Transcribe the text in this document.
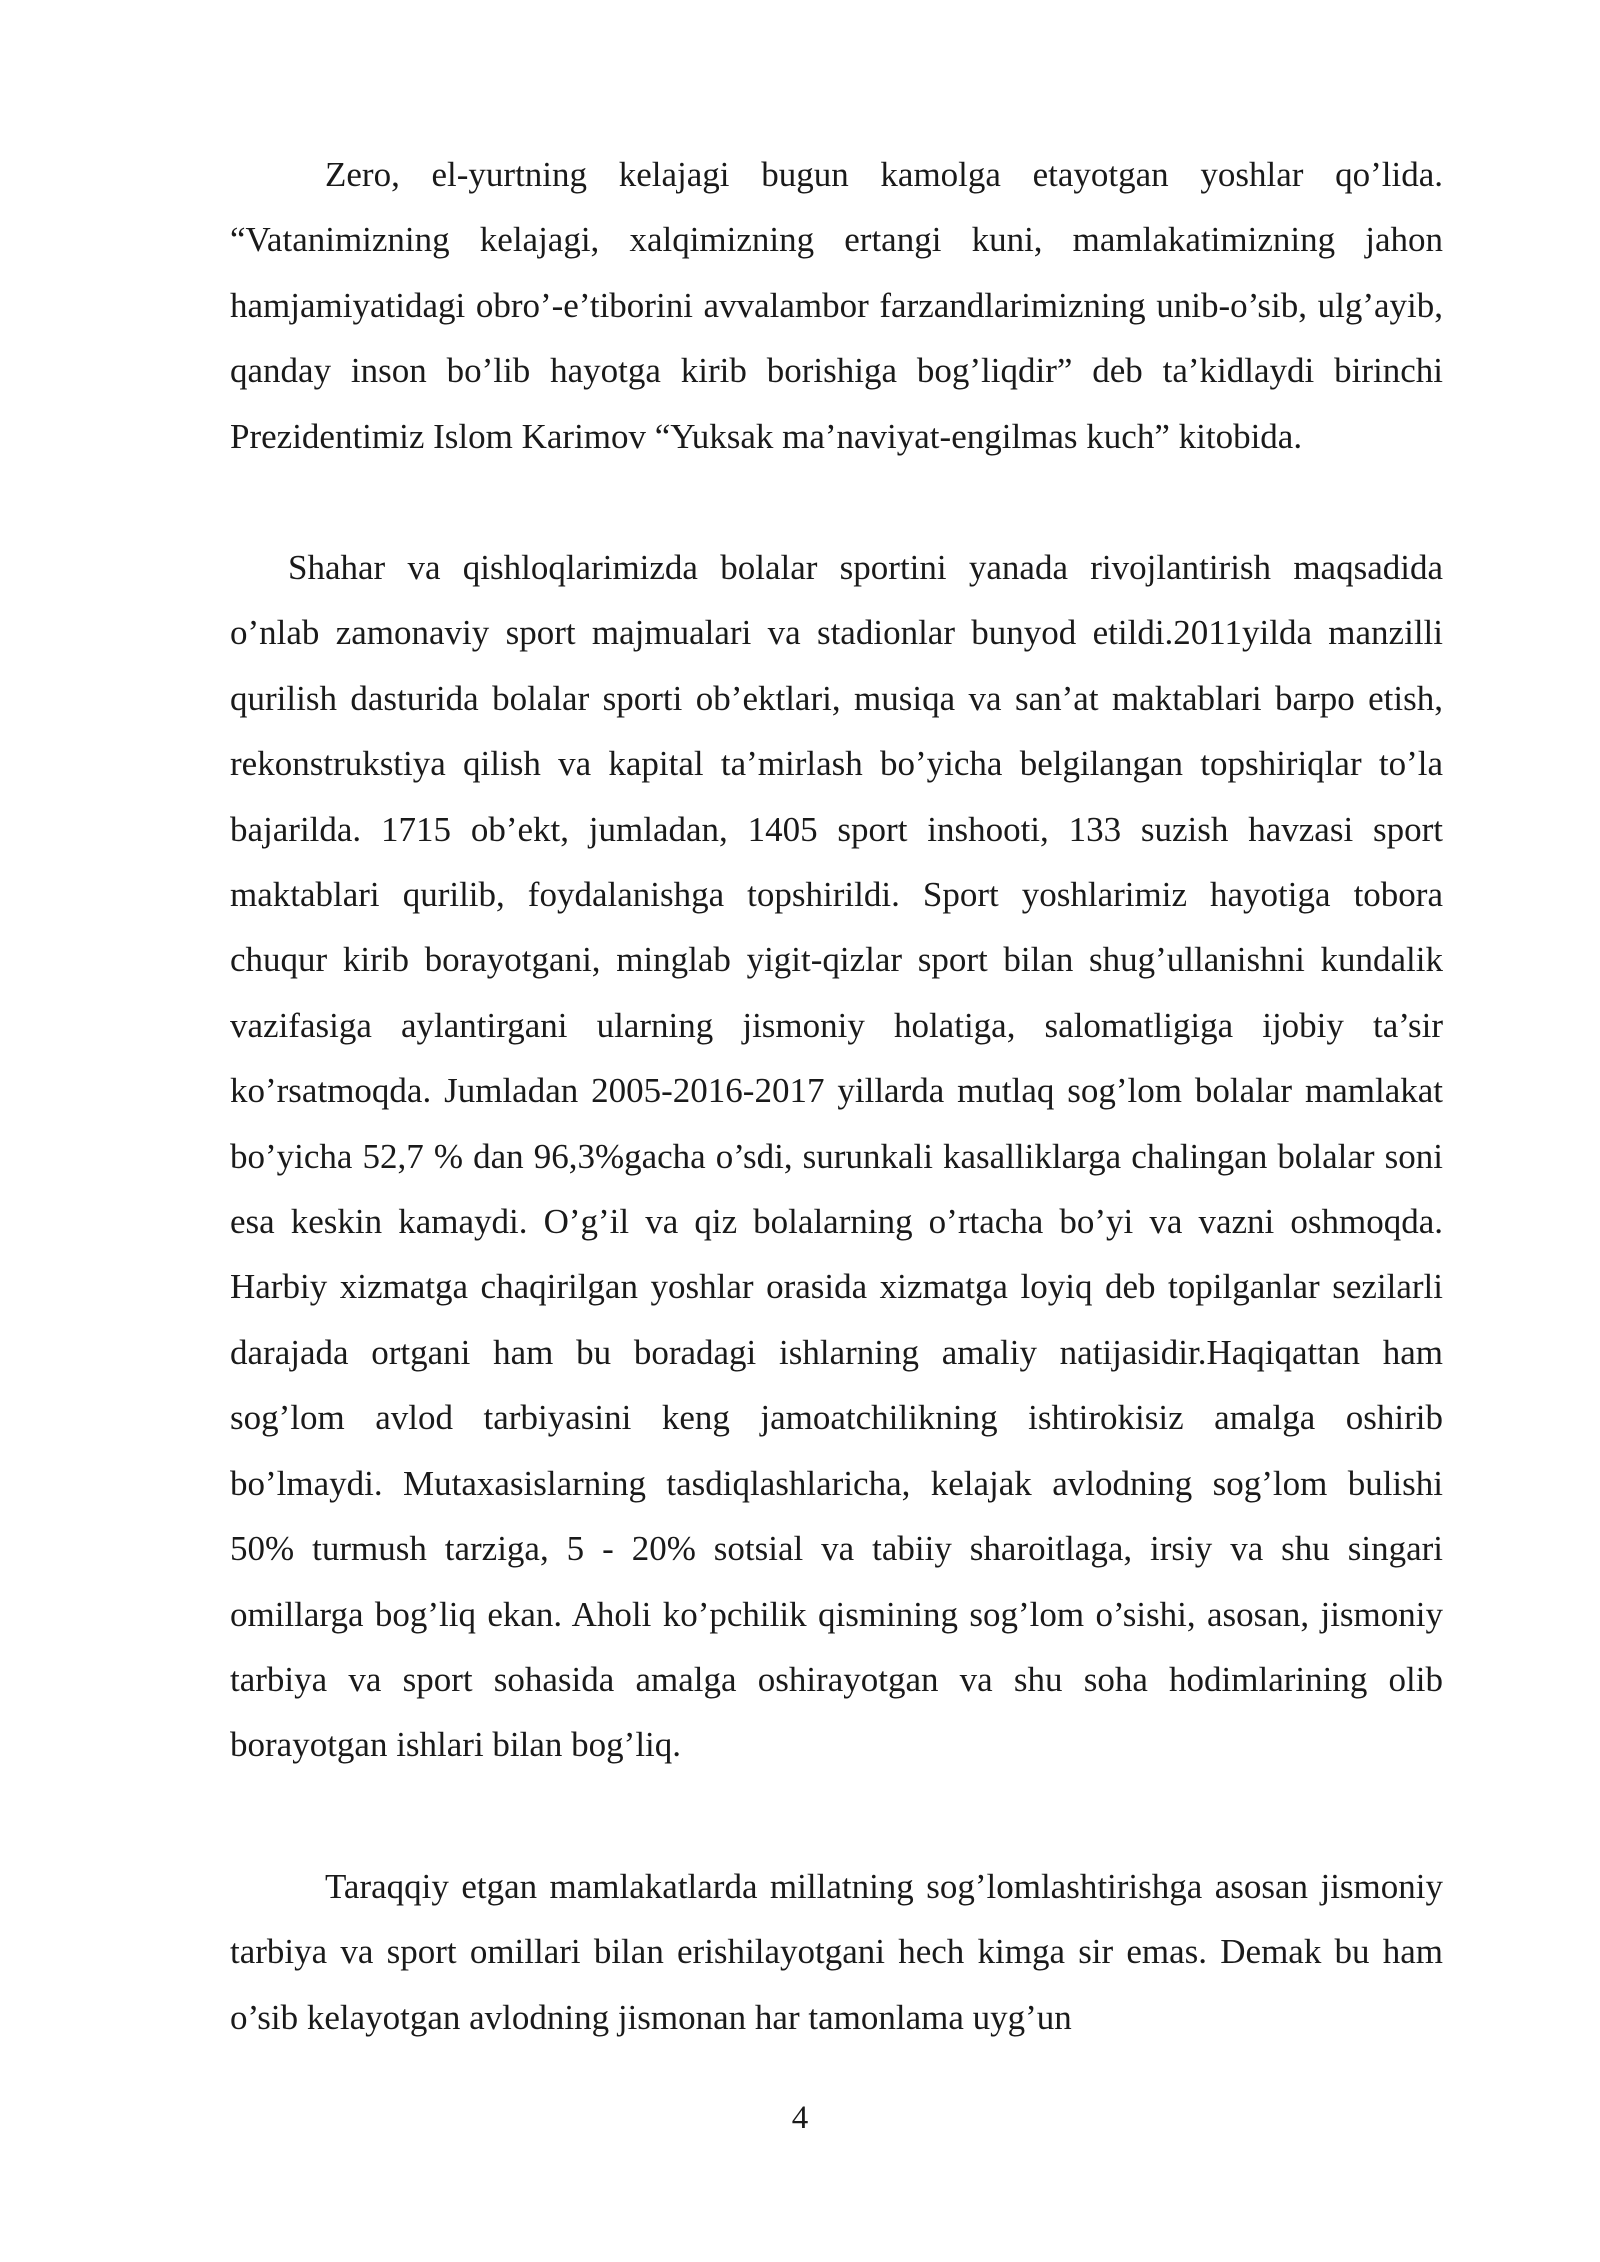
Zero, el-yurtning kelajagi bugun kamolga etayotgan yoshlar qo’lida. “Vatanimizning kelajagi, xalqimizning ertangi kuni, mamlakatimizning jahon hamjamiyatidagi obro’-e’tiborini avvalambor farzandlarimizning unib-o’sib, ulg’ayib, qanday inson bo’lib hayotga kirib borishiga bog’liqdir” deb ta’kidlaydi birinchi Prezidentimiz Islom Karimov “Yuksak ma’naviyat-engilmas kuch” kitobida.

Shahar va qishloqlarimizda bolalar sportini yanada rivojlantirish maqsadida o’nlab zamonaviy sport majmualari va stadionlar bunyod etildi.2011yilda manzilli qurilish dasturida bolalar sporti ob’ektlari, musiqa va san’at maktablari barpo etish, rekonstrukstiya qilish va kapital ta’mirlash bo’yicha belgilangan topshiriqlar to’la bajarilda. 1715 ob’ekt, jumladan, 1405 sport inshooti, 133 suzish havzasi sport maktablari qurilib, foydalanishga topshirildi. Sport yoshlarimiz hayotiga tobora chuqur kirib borayotgani, minglab yigit-qizlar sport bilan shug’ullanishni kundalik vazifasiga aylantirgani ularning jismoniy holatiga, salomatligiga ijobiy ta’sir ko’rsatmoqda. Jumladan 2005-2016-2017 yillarda mutlaq sog’lom bolalar mamlakat bo’yicha 52,7 % dan 96,3%gacha o’sdi, surunkali kasalliklarga chalingan bolalar soni esa keskin kamaydi. O’g’il va qiz bolalarning o’rtacha bo’yi va vazni oshmoqda. Harbiy xizmatga chaqirilgan yoshlar orasida xizmatga loyiq deb topilganlar sezilarli darajada ortgani ham bu boradagi ishlarning amaliy natijasidir.Haqiqattan ham sog’lom avlod tarbiyasini keng jamoatchilikning ishtirokisiz amalga oshirib bo’lmaydi. Mutaxasislarning tasdiqlashlaricha, kelajak avlodning sog’lom bulishi 50% turmush tarziga, 5 - 20% sotsial va tabiiy sharoitlaga, irsiy va shu singari omillarga bog’liq ekan. Aholi ko’pchilik qismining sog’lom o’sishi, asosan, jismoniy tarbiya va sport sohasida amalga oshirayotgan va shu soha hodimlarining olib borayotgan ishlari bilan bog’liq.

Taraqqiy etgan mamlakatlarda millatning sog’lomlashtirishga asosan jismoniy tarbiya va sport omillari bilan erishilayotgani hech kimga sir emas. Demak bu ham o’sib kelayotgan avlodning jismonan har tamonlama uyg’un

4
